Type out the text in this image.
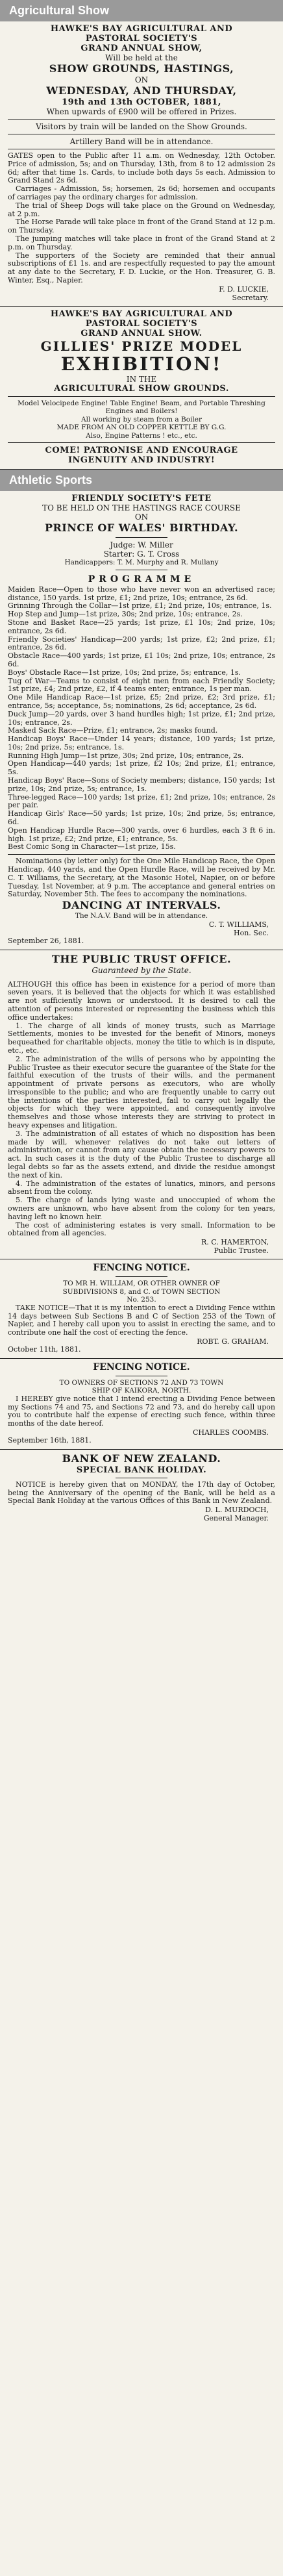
Agricultural Show

HAWKE'S BAY AGRICULTURAL AND

PASTORAL SOCIETY'S

GRAND ANNUAL SHOW,

Will be held at the

SHOW GROUNDS, HASTINGS,

ON

WEDNESDAY, AND THURSDAY,

19th and 13th OCTOBER, 1881,

When upwards of £900 will be offered in Prizes.

Visitors by train will be landed on the Show Grounds.

Artillery Band will be in attendance.

GATES open to the Public after 11 a.m. on Wednesday, 12th October. Price of admission, 5s; and on Thursday, 13th, from 8 to 12 admission 2s 6d; after that time 1s. Cards, to include both days 5s each. Admission to Grand Stand 2s 6d.

Carriages - Admission, 5s; horsemen, 2s 6d; horsemen and occupants of carriages pay the ordinary charges for admission.

The trial of Sheep Dogs will take place on the Ground on Wednesday, at 2 p.m.

The Horse Parade will take place in front of the Grand Stand at 12 p.m. on Thursday.

The jumping matches will take place in front of the Grand Stand at 2 p.m. on Thursday.

The supporters of the Society are reminded that their annual subscriptions of £1 1s. and are respectfully requested to pay the amount at any date to the Secretary, F. D. Luckie, or the Hon. Treasurer, G. B. Winter, Esq., Napier.

F. D. LUCKIE,

Secretary.

HAWKE'S BAY AGRICULTURAL AND

PASTORAL SOCIETY'S

GRAND ANNUAL SHOW.

GILLIES' PRIZE MODEL

EXHIBITION!

IN THE

AGRICULTURAL SHOW GROUNDS.

Model Velocipede Engine! Table Engine! Beam, and Portable Threshing Engines and Boilers!

All working by steam from a Boiler

MADE FROM AN OLD COPPER KETTLE BY G.G.

Also, Engine Patterns ! etc., etc.

COME! PATRONISE AND ENCOURAGE

INGENUITY AND INDUSTRY!

Athletic Sports

FRIENDLY SOCIETY'S FETE

TO BE HELD ON THE HASTINGS RACE COURSE

ON

PRINCE OF WALES' BIRTHDAY.

Judge: W. Miller

Starter: G. T. Cross

Handicappers: T. M. Murphy and R. Mullany

PROGRAMME

Maiden Race—Open to those who have never won an advertised race; distance, 150 yards. 1st prize, £1; 2nd prize, 10s; entrance, 2s 6d.

Grinning Through the Collar—1st prize, £1; 2nd prize, 10s; entrance, 1s.

Hop Step and Jump—1st prize, 30s; 2nd prize, 10s; entrance, 2s.

Stone and Basket Race—25 yards; 1st prize, £1 10s; 2nd prize, 10s; entrance, 2s 6d.

Friendly Societies' Handicap—200 yards; 1st prize, £2; 2nd prize, £1; entrance, 2s 6d.

Obstacle Race—400 yards; 1st prize, £1 10s; 2nd prize, 10s; entrance, 2s 6d.

Boys' Obstacle Race—1st prize, 10s; 2nd prize, 5s; entrance, 1s.

Tug of War—Teams to consist of eight men from each Friendly Society; 1st prize, £4; 2nd prize, £2, if 4 teams enter; entrance, 1s per man.

One Mile Handicap Race—1st prize, £5; 2nd prize, £2; 3rd prize, £1; entrance, 5s; acceptance, 5s; nominations, 2s 6d; acceptance, 2s 6d.

Duck Jump—20 yards, over 3 hand hurdles high; 1st prize, £1; 2nd prize, 10s; entrance, 2s.

Masked Sack Race—Prize, £1; entrance, 2s; masks found.

Handicap Boys' Race—Under 14 years; distance, 100 yards; 1st prize, 10s; 2nd prize, 5s; entrance, 1s.

Running High Jump—1st prize, 30s; 2nd prize, 10s; entrance, 2s.

Open Handicap—440 yards; 1st prize, £2 10s; 2nd prize, £1; entrance, 5s.

Handicap Boys' Race—Sons of Society members; distance, 150 yards; 1st prize, 10s; 2nd prize, 5s; entrance, 1s.

Three-legged Race—100 yards; 1st prize, £1; 2nd prize, 10s; entrance, 2s per pair.

Handicap Girls' Race—50 yards; 1st prize, 10s; 2nd prize, 5s; entrance, 6d.

Open Handicap Hurdle Race—300 yards, over 6 hurdles, each 3 ft 6 in. high. 1st prize, £2; 2nd prize, £1; entrance, 5s.

Best Comic Song in Character—1st prize, 15s.

Nominations (by letter only) for the One Mile Handicap Race, the Open Handicap, 440 yards, and the Open Hurdle Race, will be received by Mr. C. T. Williams, the Secretary, at the Masonic Hotel, Napier, on or before Tuesday, 1st November, at 9 p.m. The acceptance and general entries on Saturday, November 5th. The fees to accompany the nominations.

DANCING AT INTERVALS.

The N.A.V. Band will be in attendance.

C. T. WILLIAMS,

Hon. Sec.

September 26, 1881.

THE PUBLIC TRUST OFFICE.

Guaranteed by the State.

ALTHOUGH this office has been in existence for a period of more than seven years, it is believed that the objects for which it was established are not sufficiently known or understood. It is desired to call the attention of persons interested or representing the business which this office undertakes:

1. The charge of all kinds of money trusts, such as Marriage Settlements, monies to be invested for the benefit of Minors, moneys bequeathed for charitable objects, money the title to which is in dispute, etc., etc.

2. The administration of the wills of persons who by appointing the Public Trustee as their executor secure the guarantee of the State for the faithful execution of the trusts of their wills, and the permanent appointment of private persons as executors, who are wholly irresponsible to the public; and who are frequently unable to carry out the intentions of the parties interested, fail to carry out legally the objects for which they were appointed, and consequently involve themselves and those whose interests they are striving to protect in heavy expenses and litigation.

3. The administration of all estates of which no disposition has been made by will, whenever relatives do not take out letters of administration, or cannot from any cause obtain the necessary powers to act. In such cases it is the duty of the Public Trustee to discharge all legal debts so far as the assets extend, and divide the residue amongst the next of kin.

4. The administration of the estates of lunatics, minors, and persons absent from the colony.

5. The charge of lands lying waste and unoccupied of whom the owners are unknown, who have absent from the colony for ten years, having left no known heir.

The cost of administering estates is very small. Information to be obtained from all agencies.

R. C. HAMERTON,

Public Trustee.

FENCING NOTICE.

TO MR H. WILLIAM, OR OTHER OWNER OF

SUBDIVISIONS 8, and C. of TOWN SECTION

No. 253.

TAKE NOTICE—That it is my intention to erect a Dividing Fence within 14 days between Sub Sections B and C of Section 253 of the Town of Napier, and I hereby call upon you to assist in erecting the same, and to contribute one half the cost of erecting the fence.

ROBT. G. GRAHAM.

October 11th, 1881.

FENCING NOTICE.

TO OWNERS OF SECTIONS 72 AND 73 TOWN

SHIP OF KAIKORA, NORTH.

I HEREBY give notice that I intend erecting a Dividing Fence between my Sections 74 and 75, and Sections 72 and 73, and do hereby call upon you to contribute half the expense of erecting such fence, within three months of the date hereof.

CHARLES COOMBS.

September 16th, 1881.

BANK OF NEW ZEALAND.

SPECIAL BANK HOLIDAY.

NOTICE is hereby given that on MONDAY, the 17th day of October, being the Anniversary of the opening of the Bank, will be held as a Special Bank Holiday at the various Offices of this Bank in New Zealand.

D. L. MURDOCH,

General Manager.
